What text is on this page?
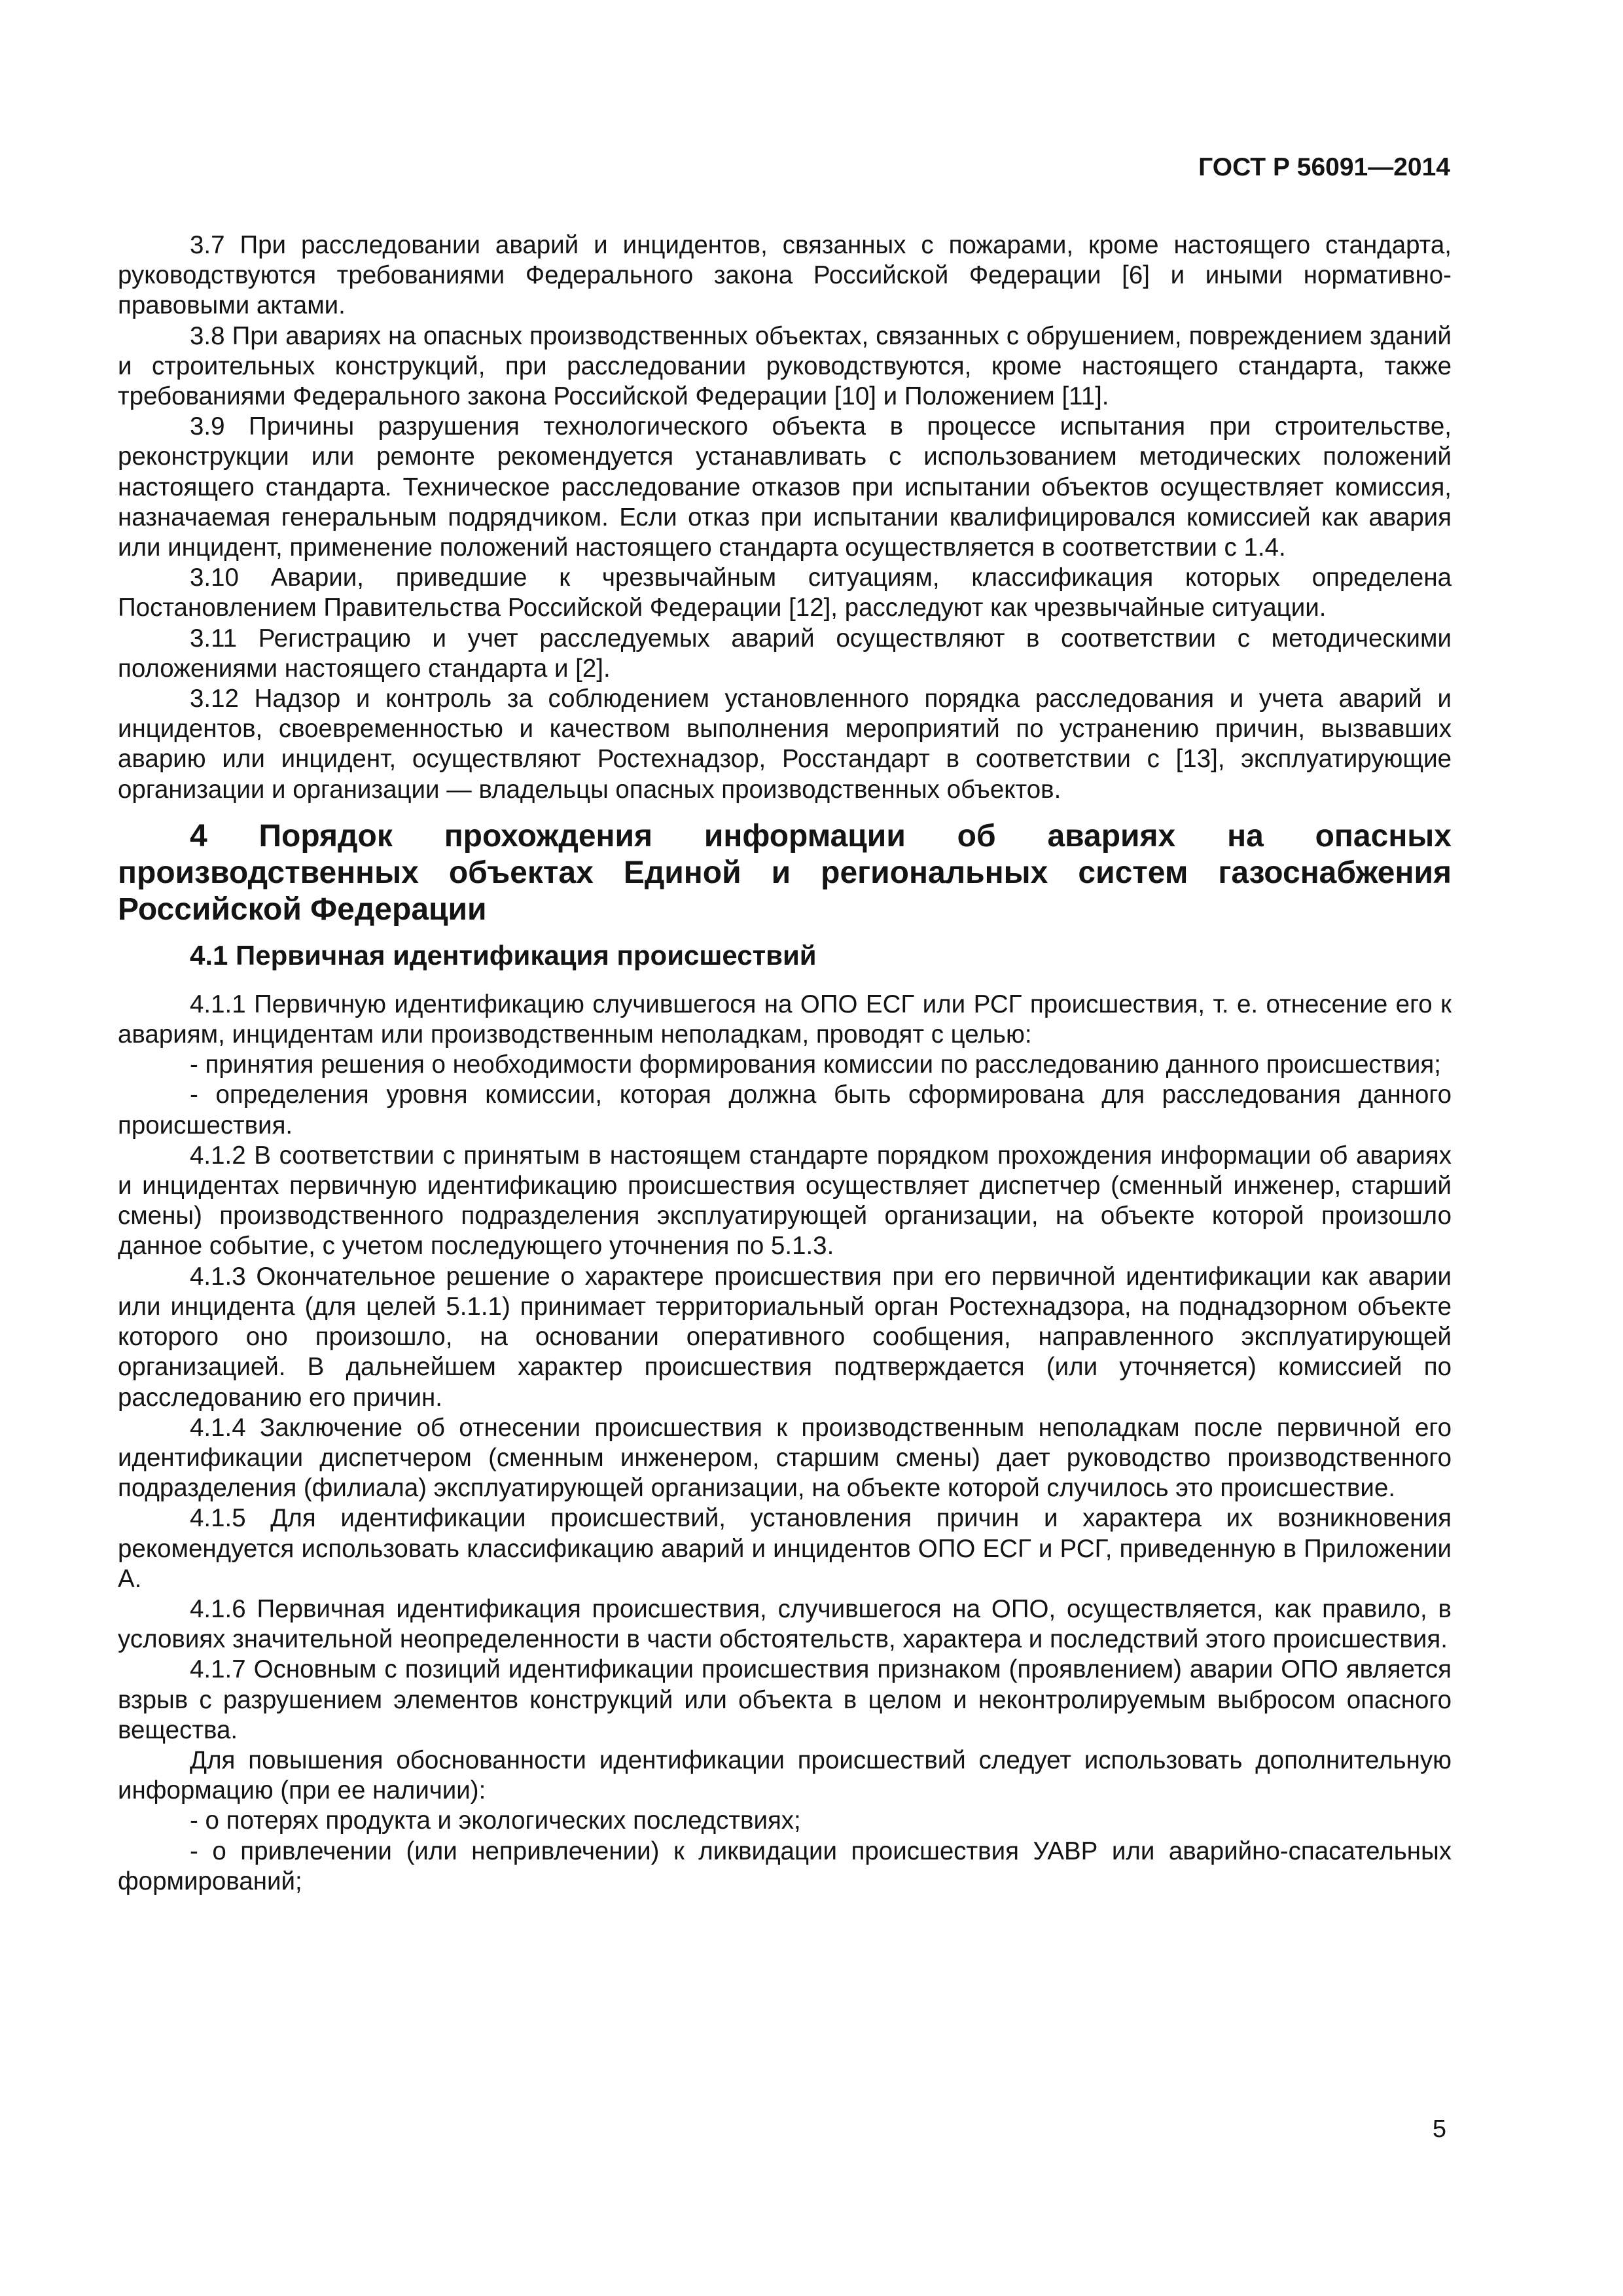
ГОСТ Р 56091—2014

3.7 При расследовании аварий и инцидентов, связанных с пожарами, кроме настоящего стандарта, руководствуются требованиями Федерального закона Российской Федерации [6] и иными нормативно-правовыми актами.

3.8 При авариях на опасных производственных объектах, связанных с обрушением, повреждением зданий и строительных конструкций, при расследовании руководствуются, кроме настоящего стандарта, также требованиями Федерального закона Российской Федерации [10] и Положением [11].

3.9 Причины разрушения технологического объекта в процессе испытания при строительстве, реконструкции или ремонте рекомендуется устанавливать с использованием методических положений настоящего стандарта. Техническое расследование отказов при испытании объектов осуществляет комиссия, назначаемая генеральным подрядчиком. Если отказ при испытании квалифицировался комиссией как авария или инцидент, применение положений настоящего стандарта осуществляется в соответствии с 1.4.

3.10 Аварии, приведшие к чрезвычайным ситуациям, классификация которых определена Постановлением Правительства Российской Федерации [12], расследуют как чрезвычайные ситуации.

3.11 Регистрацию и учет расследуемых аварий осуществляют в соответствии с методическими положениями настоящего стандарта и [2].

3.12 Надзор и контроль за соблюдением установленного порядка расследования и учета аварий и инцидентов, своевременностью и качеством выполнения мероприятий по устранению причин, вызвавших аварию или инцидент, осуществляют Ростехнадзор, Росстандарт в соответствии с [13], эксплуатирующие организации и организации — владельцы опасных производственных объектов.

4 Порядок прохождения информации об авариях на опасных производственных объектах Единой и региональных систем газоснабжения Российской Федерации
4.1 Первичная идентификация происшествий

4.1.1 Первичную идентификацию случившегося на ОПО ЕСГ или РСГ происшествия, т. е. отнесение его к авариям, инцидентам или производственным неполадкам, проводят с целью:

- принятия решения о необходимости формирования комиссии по расследованию данного происшествия;

- определения уровня комиссии, которая должна быть сформирована для расследования данного происшествия.

4.1.2 В соответствии с принятым в настоящем стандарте порядком прохождения информации об авариях и инцидентах первичную идентификацию происшествия осуществляет диспетчер (сменный инженер, старший смены) производственного подразделения эксплуатирующей организации, на объекте которой произошло данное событие, с учетом последующего уточнения по 5.1.3.

4.1.3 Окончательное решение о характере происшествия при его первичной идентификации как аварии или инцидента (для целей 5.1.1) принимает территориальный орган Ростехнадзора, на поднадзорном объекте которого оно произошло, на основании оперативного сообщения, направленного эксплуатирующей организацией. В дальнейшем характер происшествия подтверждается (или уточняется) комиссией по расследованию его причин.

4.1.4 Заключение об отнесении происшествия к производственным неполадкам после первичной его идентификации диспетчером (сменным инженером, старшим смены) дает руководство производственного подразделения (филиала) эксплуатирующей организации, на объекте которой случилось это происшествие.

4.1.5 Для идентификации происшествий, установления причин и характера их возникновения рекомендуется использовать классификацию аварий и инцидентов ОПО ЕСГ и РСГ, приведенную в Приложении А.

4.1.6 Первичная идентификация происшествия, случившегося на ОПО, осуществляется, как правило, в условиях значительной неопределенности в части обстоятельств, характера и последствий этого происшествия.

4.1.7 Основным с позиций идентификации происшествия признаком (проявлением) аварии ОПО является взрыв с разрушением элементов конструкций или объекта в целом и неконтролируемым выбросом опасного вещества.

Для повышения обоснованности идентификации происшествий следует использовать дополнительную информацию (при ее наличии):

- о потерях продукта и экологических последствиях;

- о привлечении (или непривлечении) к ликвидации происшествия УАВР или аварийно-спасательных формирований;

5
